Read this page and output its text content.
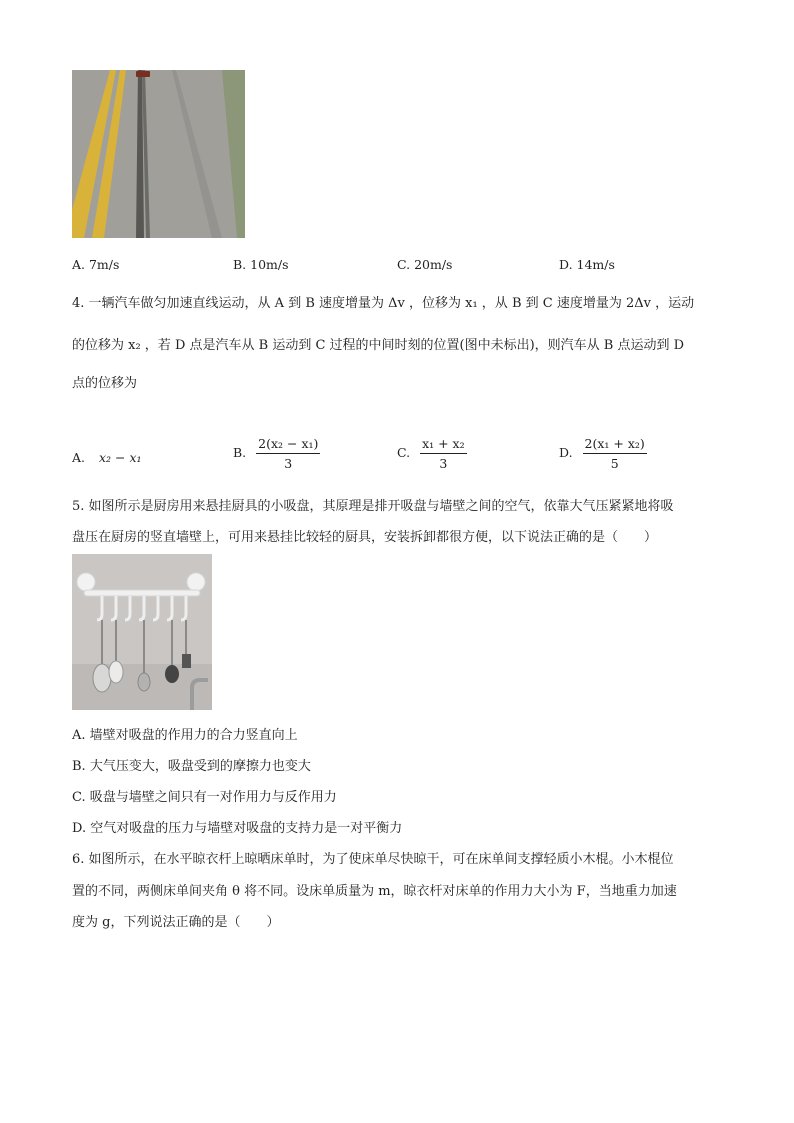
A. 7m/s	B. 10m/s	C. 20m/s	D. 14m/s
4. 一辆汽车做匀加速直线运动，从 A 到 B 速度增量为 Δv ，位移为 x₁ ，从 B 到 C 速度增量为 2Δv ，运动
的位移为 x₂ ，若 D 点是汽车从 B 运动到 C 过程的中间时刻的位置(图中未标出)，则汽车从 B 点运动到 D
点的位移为
A. x₂ − x₁	B. $\frac{\text{2(x₂ − x₁)}}{3}$	C. $\frac{\text{x₁ + x₂}}{3}$	D. $\frac{\text{2(x₁ + x₂)}}{5}$
5. 如图所示是厨房用来悬挂厨具的小吸盘，其原理是排开吸盘与墙壁之间的空气，依靠大气压紧紧地将吸
盘压在厨房的竖直墙壁上，可用来悬挂比较轻的厨具，安装拆卸都很方便，以下说法正确的是（　　）
A. 墙壁对吸盘的作用力的合力竖直向上
B. 大气压变大，吸盘受到的摩擦力也变大
C. 吸盘与墙壁之间只有一对作用力与反作用力
D. 空气对吸盘的压力与墙壁对吸盘的支持力是一对平衡力
6. 如图所示，在水平晾衣杆上晾晒床单时，为了使床单尽快晾干，可在床单间支撑轻质小木棍。小木棍位
置的不同，两侧床单间夹角 θ 将不同。设床单质量为 m，晾衣杆对床单的作用力大小为 F，当地重力加速
度为 g，下列说法正确的是（　　）
